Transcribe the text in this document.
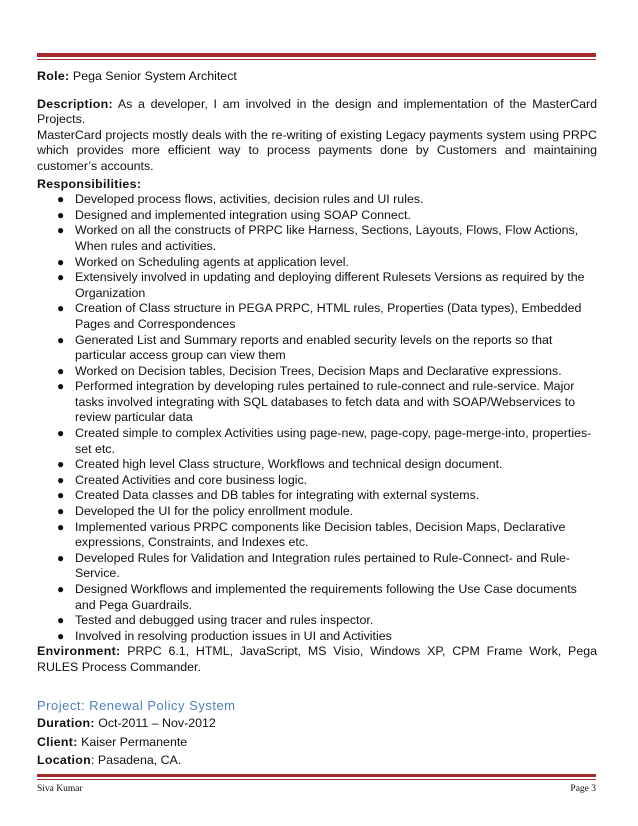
Role: Pega Senior System Architect

Description: As a developer, I am involved in the design and implementation of the MasterCard Projects.

MasterCard projects mostly deals with the re-writing of existing Legacy payments system using PRPC which provides more efficient way to process payments done by Customers and maintaining customer’s accounts.

Responsibilities:

● Developed process flows, activities, decision rules and UI rules.
● Designed and implemented integration using SOAP Connect.
● Worked on all the constructs of PRPC like Harness, Sections, Layouts, Flows, Flow Actions, When rules and activities.
● Worked on Scheduling agents at application level.
● Extensively involved in updating and deploying different Rulesets Versions as required by the Organization
● Creation of Class structure in PEGA PRPC, HTML rules, Properties (Data types), Embedded Pages and Correspondences
● Generated List and Summary reports and enabled security levels on the reports so that particular access group can view them
● Worked on Decision tables, Decision Trees, Decision Maps and Declarative expressions.
● Performed integration by developing rules pertained to rule-connect and rule-service. Major tasks involved integrating with SQL databases to fetch data and with SOAP/Webservices to review particular data
● Created simple to complex Activities using page-new, page-copy, page-merge-into, properties-set etc.
● Created high level Class structure, Workflows and technical design document.
● Created Activities and core business logic.
● Created Data classes and DB tables for integrating with external systems.
● Developed the UI for the policy enrollment module.
● Implemented various PRPC components like Decision tables, Decision Maps, Declarative expressions, Constraints, and Indexes etc.
● Developed Rules for Validation and Integration rules pertained to Rule-Connect- and Rule-Service.
● Designed Workflows and implemented the requirements following the Use Case documents and Pega Guardrails.
● Tested and debugged using tracer and rules inspector.
● Involved in resolving production issues in UI and Activities

Environment: PRPC 6.1, HTML, JavaScript, MS Visio, Windows XP, CPM Frame Work, Pega RULES Process Commander.

Project: Renewal Policy System

Duration: Oct-2011 – Nov-2012

Client: Kaiser Permanente

Location: Pasadena, CA.

Siva Kumar	Page 3
